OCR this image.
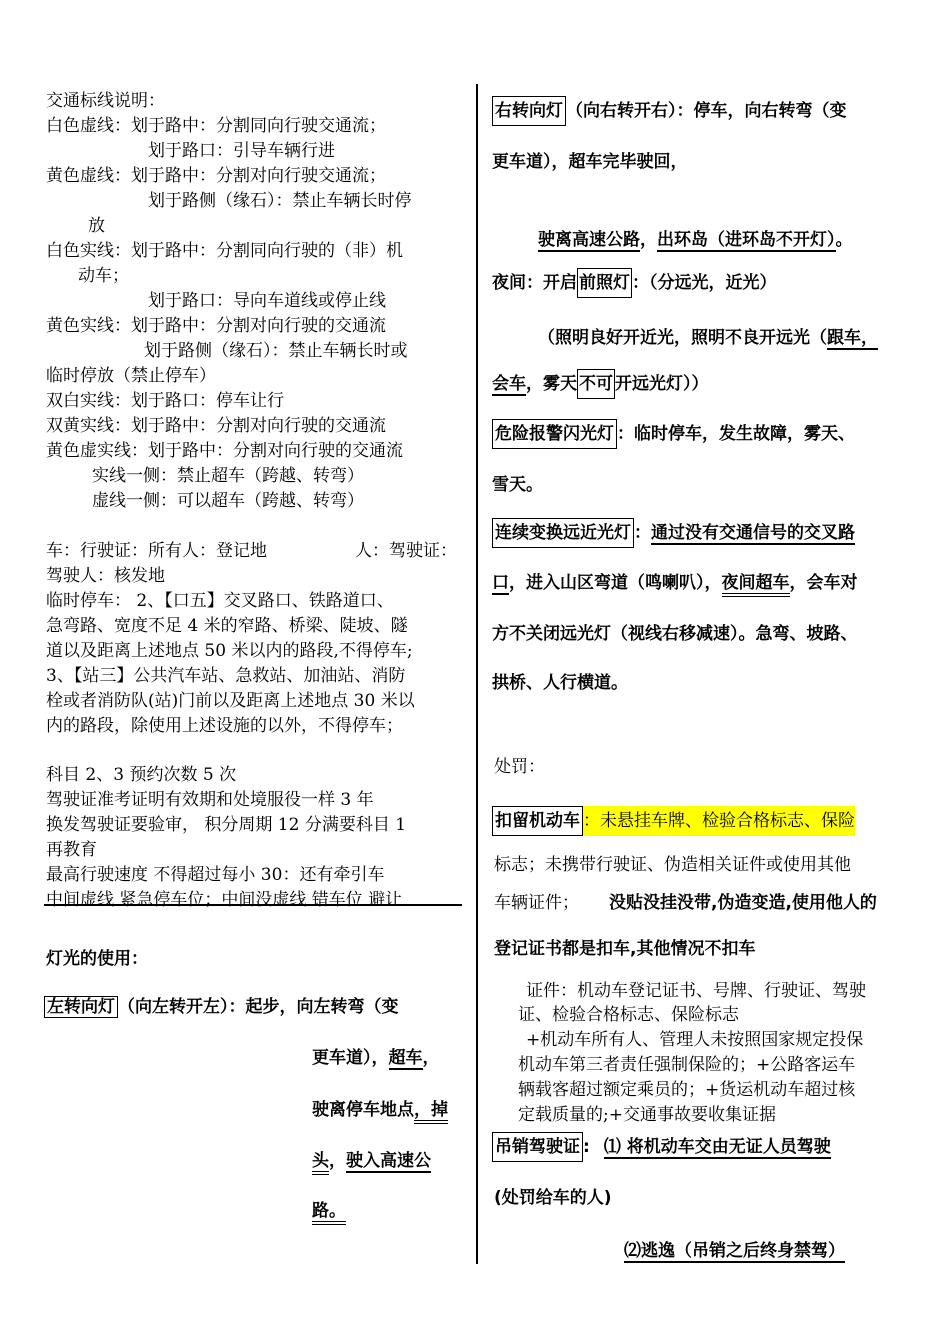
交通标线说明：
白色虚线：划于路中：分割同向行驶交通流；
划于路口：引导车辆行进
黄色虚线：划于路中：分割对向行驶交通流；
划于路侧（缘石）：禁止车辆长时停
放
白色实线：划于路中：分割同向行驶的（非）机
动车；
划于路口：导向车道线或停止线
黄色实线：划于路中：分割对向行驶的交通流
划于路侧（缘石）：禁止车辆长时或
临时停放（禁止停车）
双白实线：划于路口：停车让行
双黄实线：划于路中：分割对向行驶的交通流
黄色虚实线：划于路中：分割对向行驶的交通流
实线一侧：禁止超车（跨越、转弯）
虚线一侧：可以超车（跨越、转弯）
车：行驶证：所有人：登记地	人：驾驶证：
驾驶人：核发地
临时停车： 2、【口五】交叉路口、铁路道口、
急弯路、宽度不足 4 米的窄路、桥梁、陡坡、隧
道以及距离上述地点 50 米以内的路段,不得停车;
3、【站三】公共汽车站、急救站、加油站、消防
栓或者消防队(站)门前以及距离上述地点 30 米以
内的路段，除使用上述设施的以外，不得停车；
科目 2、3 预约次数 5 次
驾驶证准考证明有效期和处境服役一样 3 年
换发驾驶证要验审， 积分周期 12 分满要科目 1
再教育
最高行驶速度 不得超过每小 30：还有牵引车
中间虚线 紧急停车位；中间没虚线 错车位 避让
灯光的使用：
左转向灯 （向左转开左）：起步，向左转弯（变
更车道），超车，
驶离停车地点，掉
头，驶入高速公
路。
右转向灯 （向右转开右）：停车，向右转弯（变
更车道），超车完毕驶回，
驶离高速公路，出环岛（进环岛不开灯）。
夜间：开启 前照灯 ：（分远光，近光）
（照明良好开近光，照明不良开远光（跟车，
会车，雾天 不可 开远光灯））
危险报警闪光灯 ：临时停车，发生故障，雾天、
雪天。
连续变换远近光灯 ：通过没有交通信号的交叉路
口，进入山区弯道（鸣喇叭），夜间超车，会车对
方不关闭远光灯（视线右移减速）。急弯、坡路、
拱桥、人行横道。
处罚：
扣留机动车 ：未悬挂车牌、检验合格标志、保险
标志；未携带行驶证、伪造相关证件或使用其他
车辆证件； 没贴没挂没带,伪造变造,使用他人的
登记证书都是扣车,其他情况不扣车
证件：机动车登记证书、号牌、行驶证、驾驶
证、检验合格标志、保险标志
+机动车所有人、管理人未按照国家规定投保
机动车第三者责任强制保险的；+公路客运车
辆载客超过额定乘员的；+货运机动车超过核
定载质量的;+交通事故要收集证据
吊销驾驶证 : ⑴ 将机动车交由无证人员驾驶
(处罚给车的人)
⑵逃逸（吊销之后终身禁驾）
